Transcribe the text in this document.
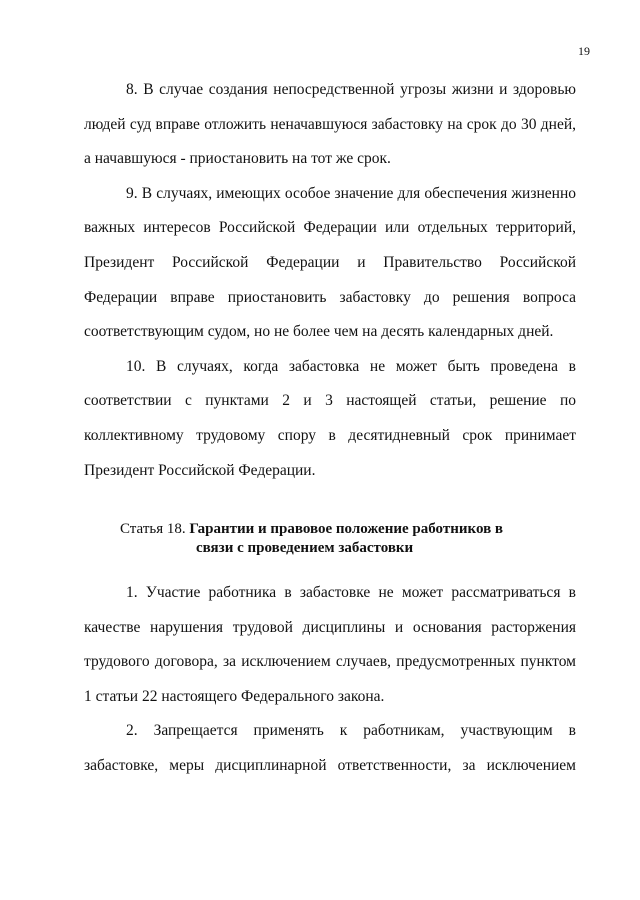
19

8. В случае создания непосредственной угрозы жизни и здоровью людей суд вправе отложить неначавшуюся забастовку на срок до 30 дней, а начавшуюся - приостановить на тот же срок.

9. В случаях, имеющих особое значение для обеспечения жизненно важных интересов Российской Федерации или отдельных территорий, Президент Российской Федерации и Правительство Российской Федерации вправе приостановить забастовку до решения вопроса соответствующим судом, но не более чем на десять календарных дней.

10. В случаях, когда забастовка не может быть проведена в соответствии с пунктами 2 и 3 настоящей статьи, решение по коллективному трудовому спору в десятидневный срок принимает Президент Российской Федерации.

Статья 18. Гарантии и правовое положение работников в
связи с проведением забастовки

1. Участие работника в забастовке не может рассматриваться в качестве нарушения трудовой дисциплины и основания расторжения трудового договора, за исключением случаев, предусмотренных пунктом 1 статьи 22 настоящего Федерального закона.

2. Запрещается применять к работникам, участвующим в забастовке, меры дисциплинарной ответственности, за исключением
